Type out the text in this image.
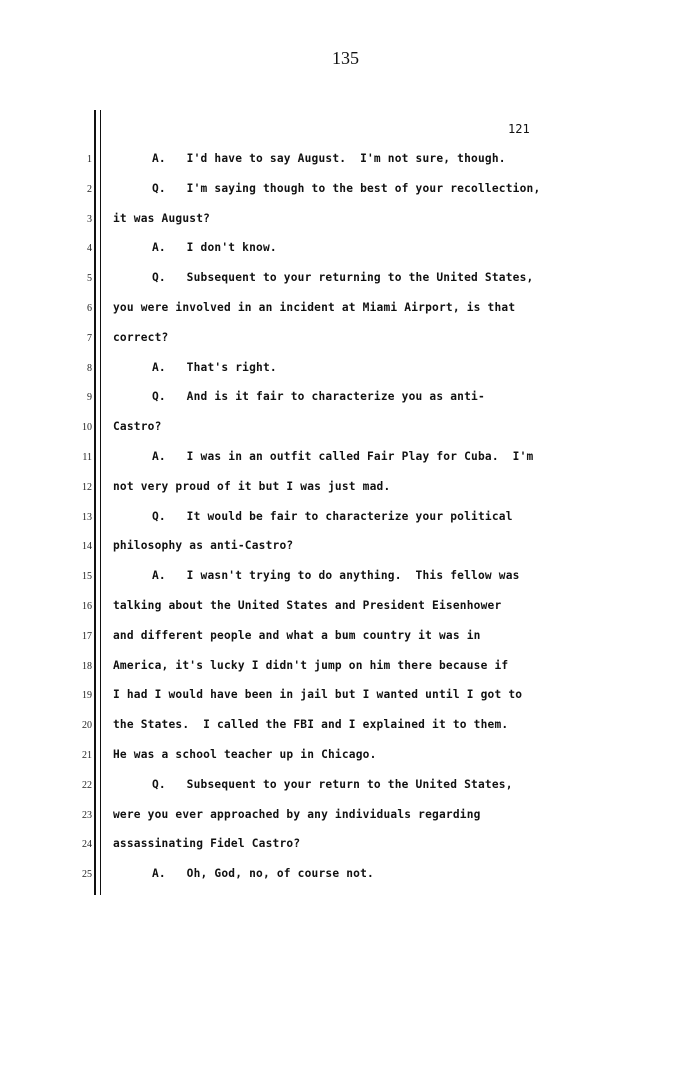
135
121
1	A.   I'd have to say August.  I'm not sure, though.
2	Q.   I'm saying though to the best of your recollection,
3 it was August?
4	A.   I don't know.
5	Q.   Subsequent to your returning to the United States,
6 you were involved in an incident at Miami Airport, is that
7 correct?
8	A.   That's right.
9	Q.   And is it fair to characterize you as anti-
10 Castro?
11	A.   I was in an outfit called Fair Play for Cuba.  I'm
12 not very proud of it but I was just mad.
13	Q.   It would be fair to characterize your political
14 philosophy as anti-Castro?
15	A.   I wasn't trying to do anything.  This fellow was
16 talking about the United States and President Eisenhower
17 and different people and what a bum country it was in
18 America, it's lucky I didn't jump on him there because if
19 I had I would have been in jail but I wanted until I got to
20 the States.  I called the FBI and I explained it to them.
21 He was a school teacher up in Chicago.
22	Q.   Subsequent to your return to the United States,
23 were you ever approached by any individuals regarding
24 assassinating Fidel Castro?
25	A.   Oh, God, no, of course not.
